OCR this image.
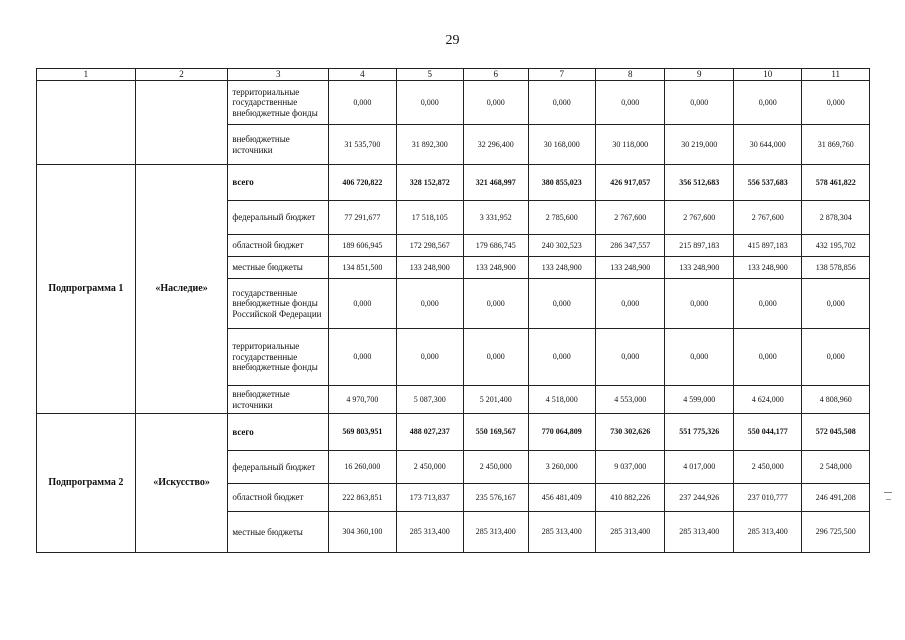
29
1	2	3	4	5	6	7	8	9	10	11
		территориальные государственные внебюджетные фонды	0,000	0,000	0,000	0,000	0,000	0,000	0,000	0,000
		внебюджетные источники	31 535,700	31 892,300	32 296,400	30 168,000	30 118,000	30 219,000	30 644,000	31 869,760
Подпрограмма 1	«Наследие»	всего	406 720,822	328 152,872	321 468,997	380 855,023	426 917,057	356 512,683	556 537,683	578 461,822
		федеральный бюджет	77 291,677	17 518,105	3 331,952	2 785,600	2 767,600	2 767,600	2 767,600	2 878,304
		областной бюджет	189 606,945	172 298,567	179 686,745	240 302,523	286 347,557	215 897,183	415 897,183	432 195,702
		местные бюджеты	134 851,500	133 248,900	133 248,900	133 248,900	133 248,900	133 248,900	133 248,900	138 578,856
		государственные внебюджетные фонды Российской Федерации	0,000	0,000	0,000	0,000	0,000	0,000	0,000	0,000
		территориальные государственные внебюджетные фонды	0,000	0,000	0,000	0,000	0,000	0,000	0,000	0,000
		внебюджетные источники	4 970,700	5 087,300	5 201,400	4 518,000	4 553,000	4 599,000	4 624,000	4 808,960
Подпрограмма 2	«Искусство»	всего	569 803,951	488 027,237	550 169,567	770 064,809	730 302,626	551 775,326	550 044,177	572 045,508
		федеральный бюджет	16 260,000	2 450,000	2 450,000	3 260,000	9 037,000	4 017,000	2 450,000	2 548,000
		областной бюджет	222 863,851	173 713,837	235 576,167	456 481,409	410 882,226	237 244,926	237 010,777	246 491,208
		местные бюджеты	304 360,100	285 313,400	285 313,400	285 313,400	285 313,400	285 313,400	285 313,400	296 725,500
